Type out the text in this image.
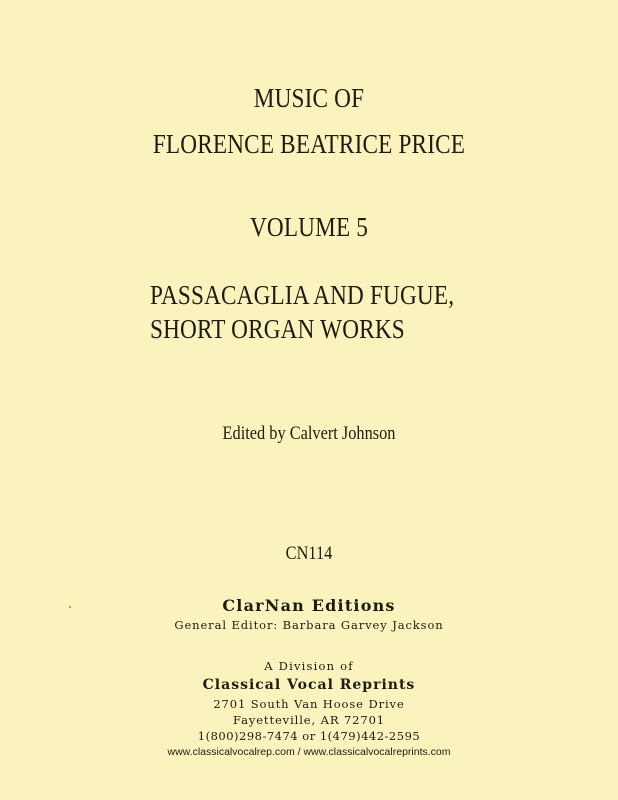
MUSIC OF
FLORENCE BEATRICE PRICE
VOLUME 5
PASSACAGLIA AND FUGUE,
SHORT ORGAN WORKS
Edited by Calvert Johnson
CN114
ClarNan Editions
General Editor: Barbara Garvey Jackson
A Division of
Classical Vocal Reprints
2701 South Van Hoose Drive
Fayetteville, AR 72701
1(800)298-7474 or 1(479)442-2595
www.classicalvocalrep.com / www.classicalvocalreprints.com
